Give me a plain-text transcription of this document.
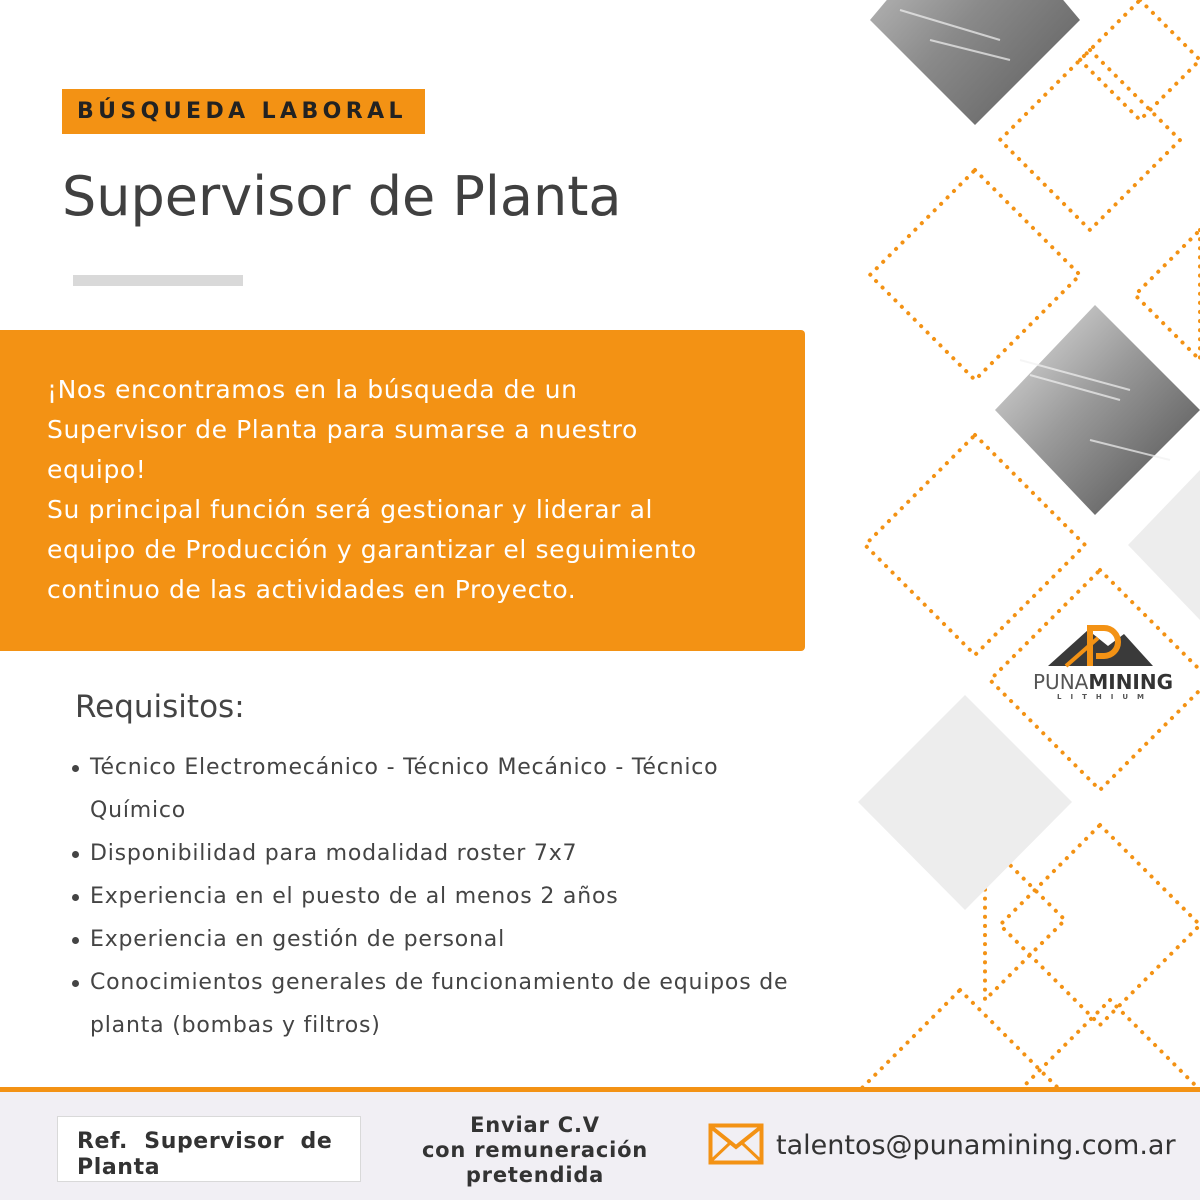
BÚSQUEDA LABORAL
Supervisor de Planta
¡Nos encontramos en la búsqueda de un
Supervisor de Planta para sumarse a nuestro
equipo!
Su principal función será gestionar y liderar al
equipo de Producción y garantizar el seguimiento
continuo de las actividades en Proyecto.
Requisitos:
Técnico Electromecánico - Técnico Mecánico - Técnico Químico
Disponibilidad para modalidad roster 7x7
Experiencia en el puesto de al menos 2 años
Experiencia en gestión de personal
Conocimientos generales de funcionamiento de equipos de planta (bombas y filtros)
PUNAMINING
LITHIUM
Ref. Supervisor de
Planta
Enviar C.V
con remuneración
pretendida
talentos@punamining.com.ar
